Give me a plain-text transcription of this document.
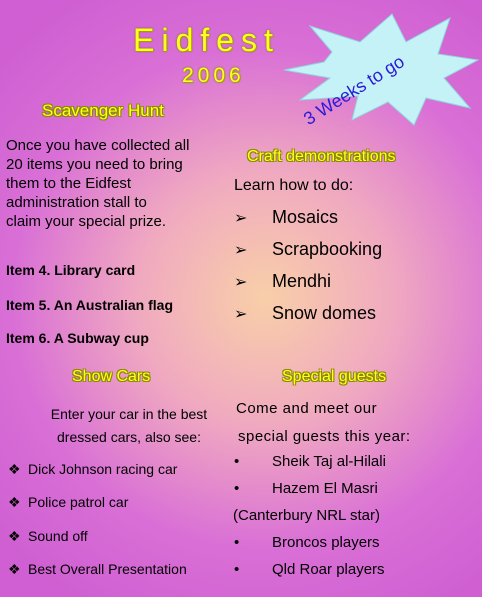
3 Weeks to go
Eidfest
2006
Scavenger Hunt
Once you have collected all
20 items you need to bring
them to the Eidfest
administration stall to
claim your special prize.
Item 4. Library card
Item 5. An Australian flag
Item 6. A Subway cup
Craft demonstrations
Learn how to do:
➢ Mosaics
➢ Scrapbooking
➢ Mendhi
➢ Snow domes
Show Cars
Enter your car in the best
dressed cars, also see:
❖ Dick Johnson racing car
❖ Police patrol car
❖ Sound off
❖ Best Overall Presentation
Special guests
Come and meet our
special guests this year:
• Sheik Taj al-Hilali
• Hazem El Masri
(Canterbury NRL star)
• Broncos players
• Qld Roar players
